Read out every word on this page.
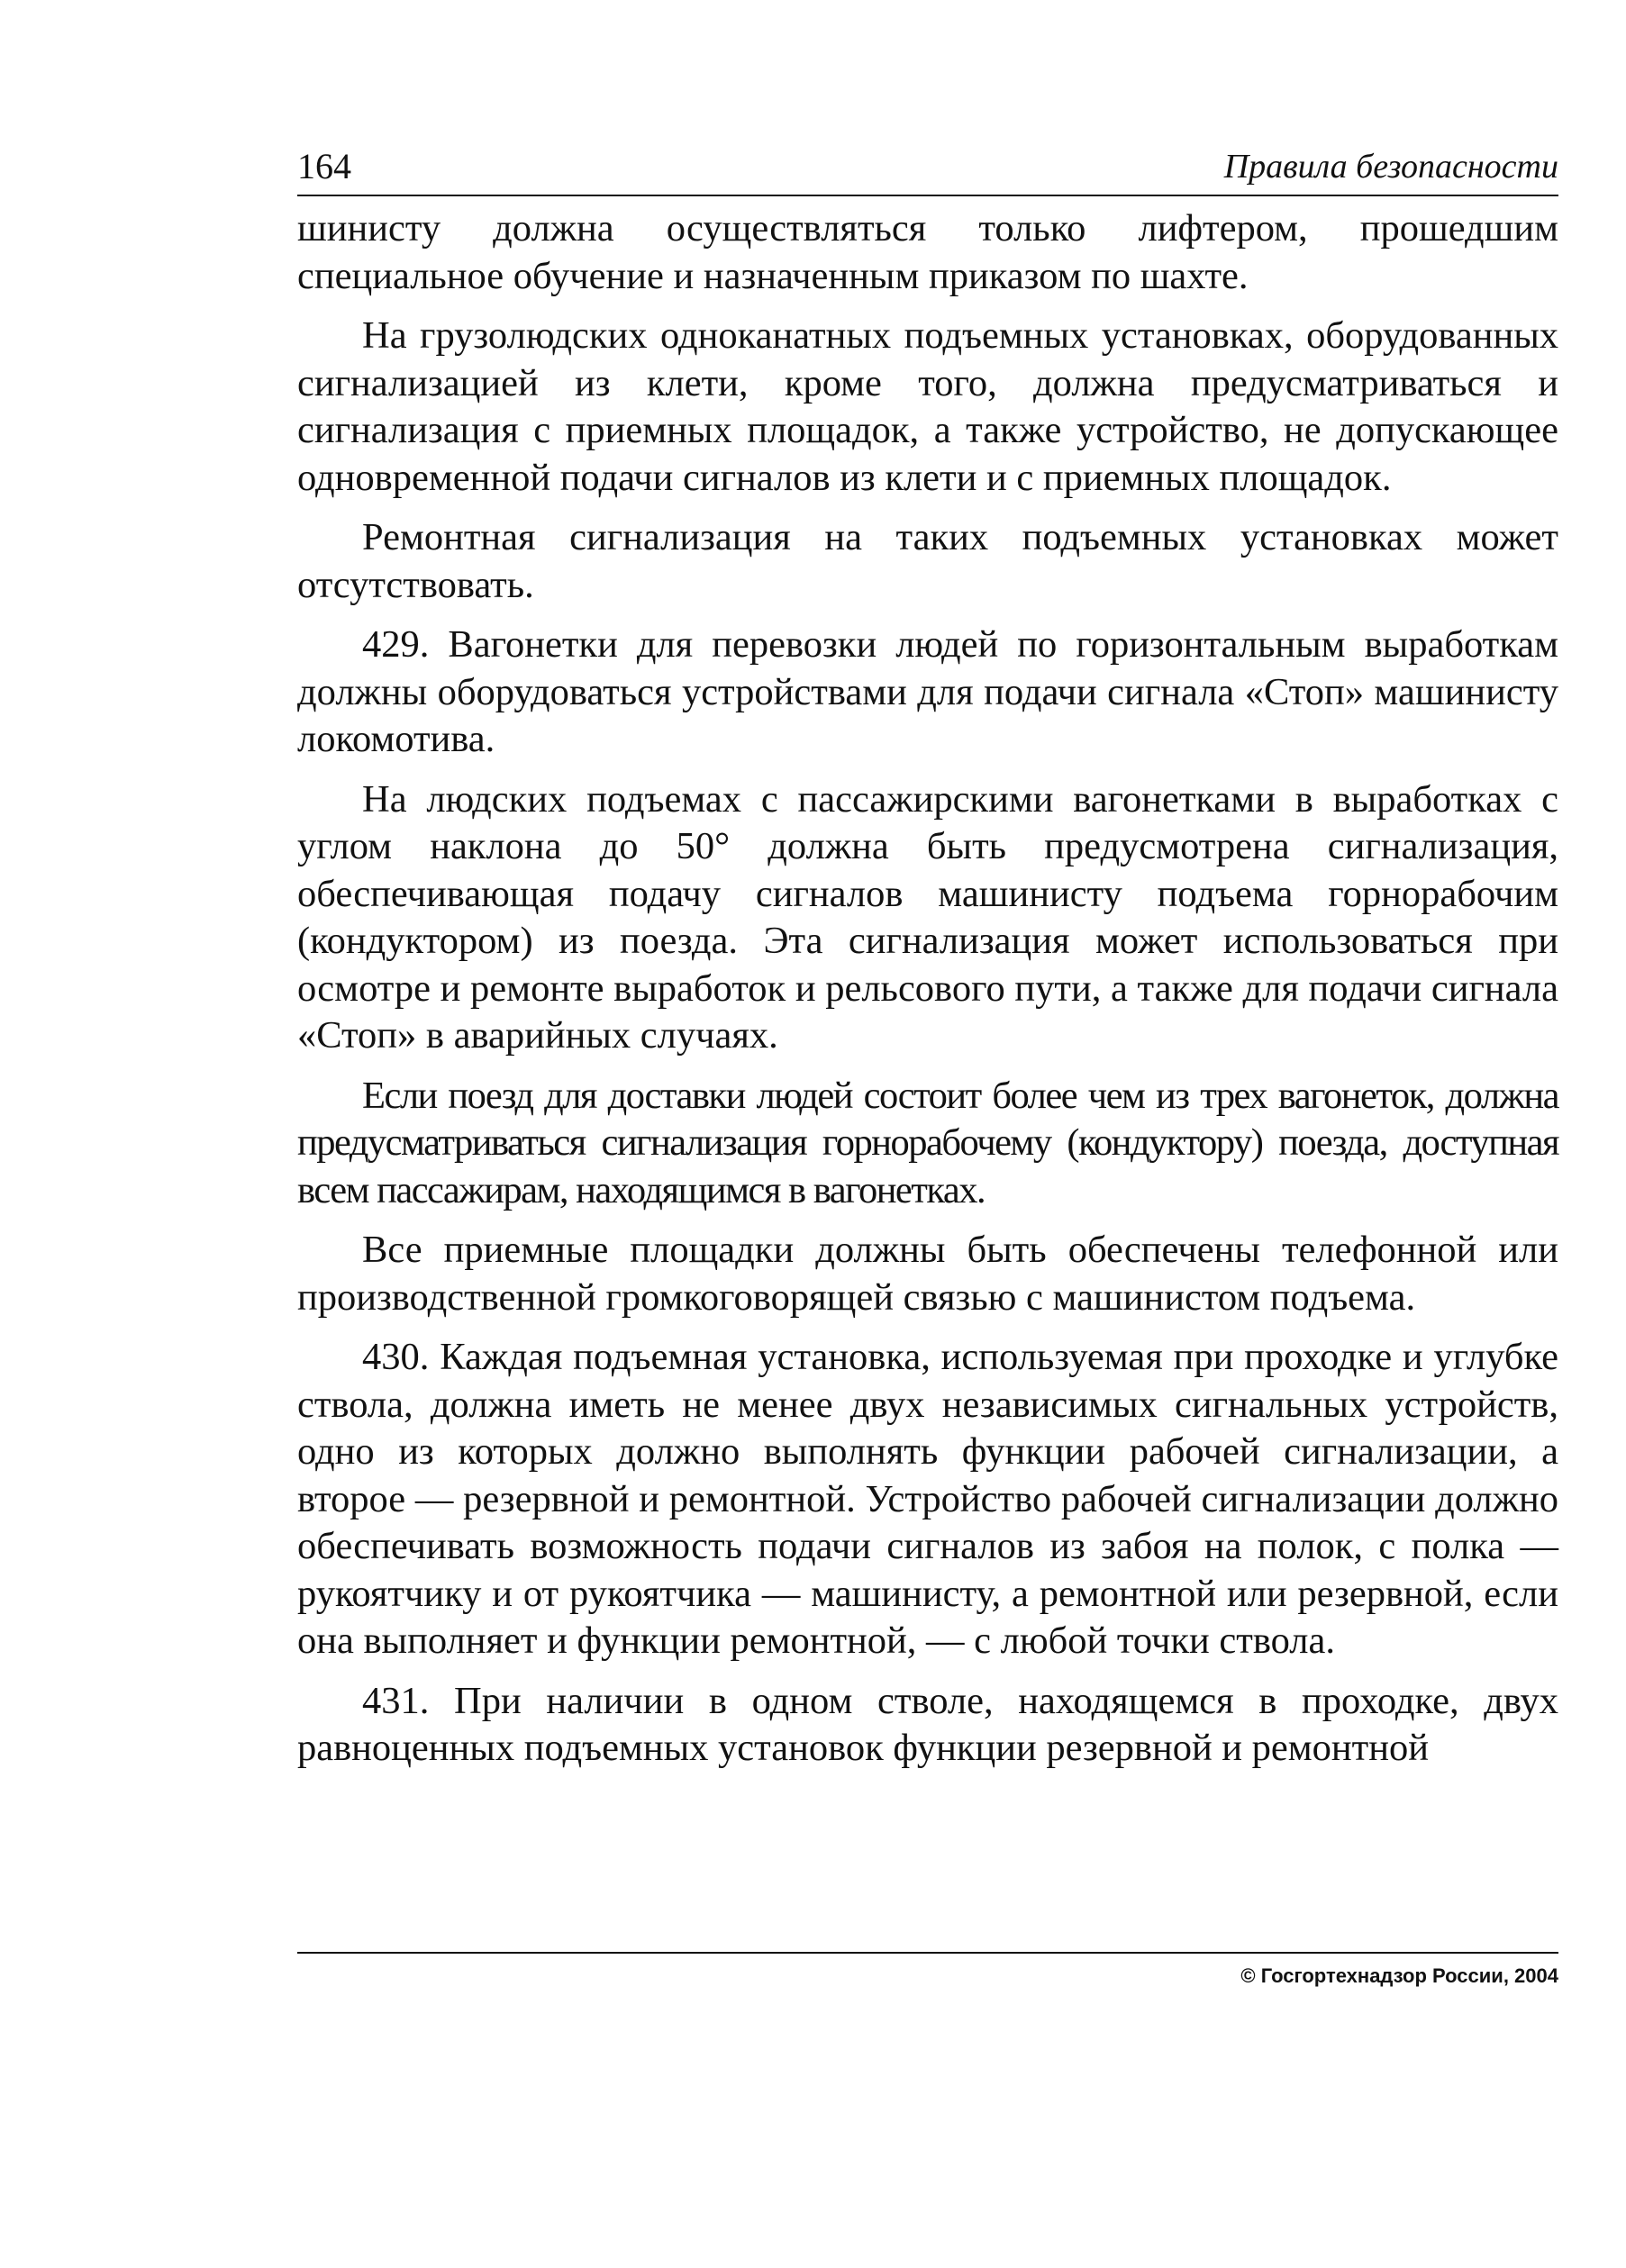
164	Правила безопасности

шинисту должна осуществляться только лифтером, прошедшим специальное обучение и назначенным приказом по шахте.

На грузолюдских одноканатных подъемных установках, оборудованных сигнализацией из клети, кроме того, должна предусматриваться и сигнализация с приемных площадок, а также устройство, не допускающее одновременной подачи сигналов из клети и с приемных площадок.

Ремонтная сигнализация на таких подъемных установках может отсутствовать.

429. Вагонетки для перевозки людей по горизонтальным выработкам должны оборудоваться устройствами для подачи сигнала «Стоп» машинисту локомотива.

На людских подъемах с пассажирскими вагонетками в выработках с углом наклона до 50° должна быть предусмотрена сигнализация, обеспечивающая подачу сигналов машинисту подъема горнорабочим (кондуктором) из поезда. Эта сигнализация может использоваться при осмотре и ремонте выработок и рельсового пути, а также для подачи сигнала «Стоп» в аварийных случаях.

Если поезд для доставки людей состоит более чем из трех вагонеток, должна предусматриваться сигнализация горнорабочему (кондуктору) поезда, доступная всем пассажирам, находящимся в вагонетках.

Все приемные площадки должны быть обеспечены телефонной или производственной громкоговорящей связью с машинистом подъема.

430. Каждая подъемная установка, используемая при проходке и углубке ствола, должна иметь не менее двух независимых сигнальных устройств, одно из которых должно выполнять функции рабочей сигнализации, а второе — резервной и ремонтной. Устройство рабочей сигнализации должно обеспечивать возможность подачи сигналов из забоя на полок, с полка — рукоятчику и от рукоятчика — машинисту, а ремонтной или резервной, если она выполняет и функции ремонтной, — с любой точки ствола.

431. При наличии в одном стволе, находящемся в проходке, двух равноценных подъемных установок функции резервной и ремонтной

© Госгортехнадзор России, 2004
